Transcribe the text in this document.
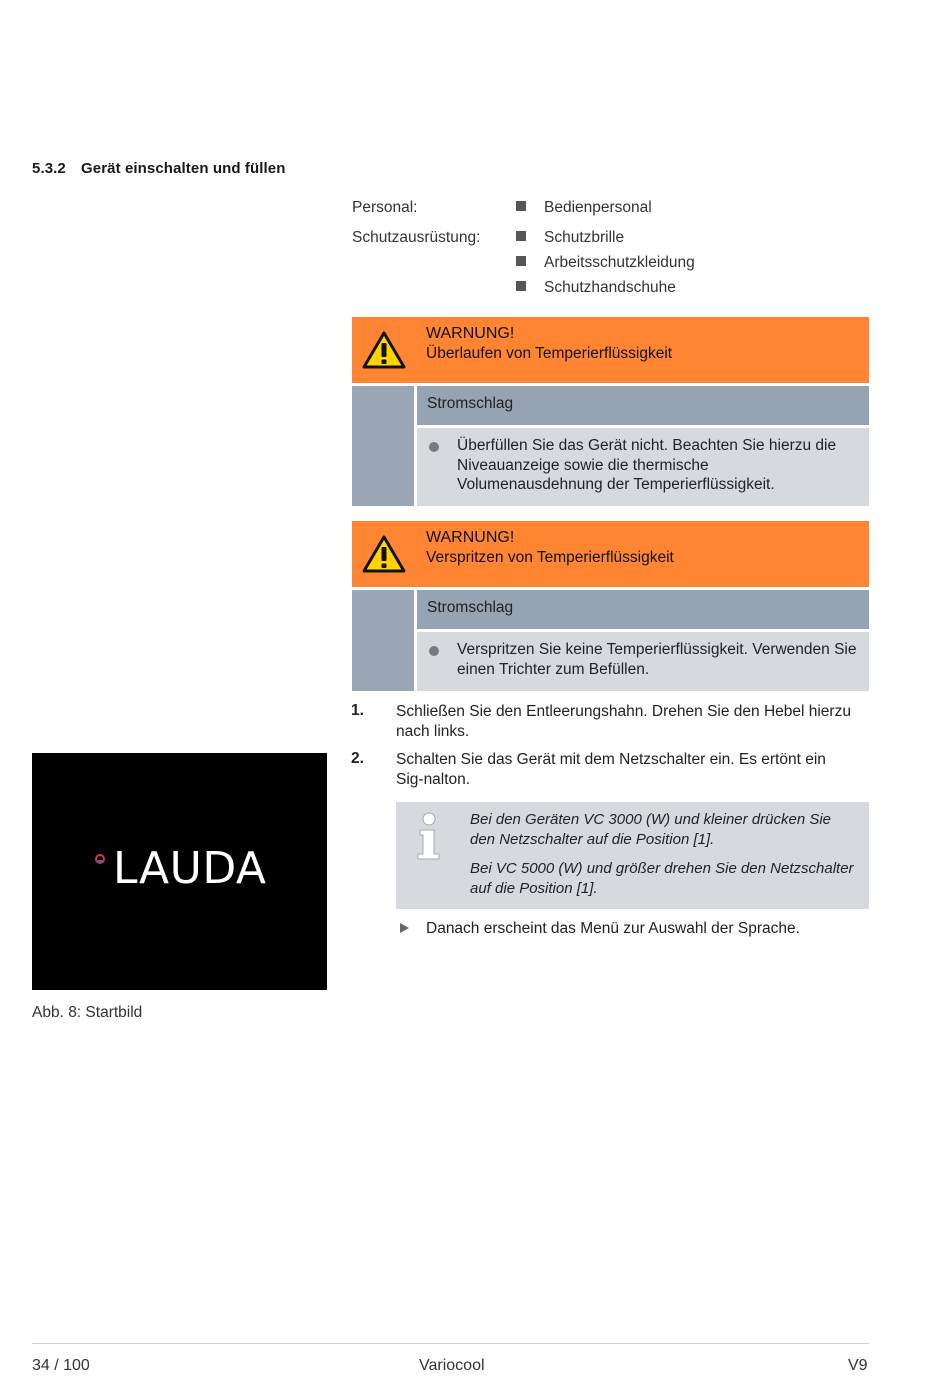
5.3.2 Gerät einschalten und füllen
Personal:	Bedienpersonal
Schutzausrüstung:	Schutzbrille
Arbeitsschutzkleidung
Schutzhandschuhe
WARNUNG!
Überlaufen von Temperierflüssigkeit
Stromschlag
Überfüllen Sie das Gerät nicht. Beachten Sie hierzu die Niveauanzeige sowie die thermische Volumenausdehnung der Temperierflüssigkeit.
WARNUNG!
Verspritzen von Temperierflüssigkeit
Stromschlag
Verspritzen Sie keine Temperierflüssigkeit. Verwenden Sie einen Trichter zum Befüllen.
1. Schließen Sie den Entleerungshahn. Drehen Sie den Hebel hierzu nach links.
2. Schalten Sie das Gerät mit dem Netzschalter ein. Es ertönt ein Sig-nalton.
Bei den Geräten VC 3000 (W) und kleiner drücken Sie den Netzschalter auf die Position [1].
Bei VC 5000 (W) und größer drehen Sie den Netzschalter auf die Position [1].
Danach erscheint das Menü zur Auswahl der Sprache.
LAUDA
Abb. 8: Startbild
34 / 100	Variocool	V9
